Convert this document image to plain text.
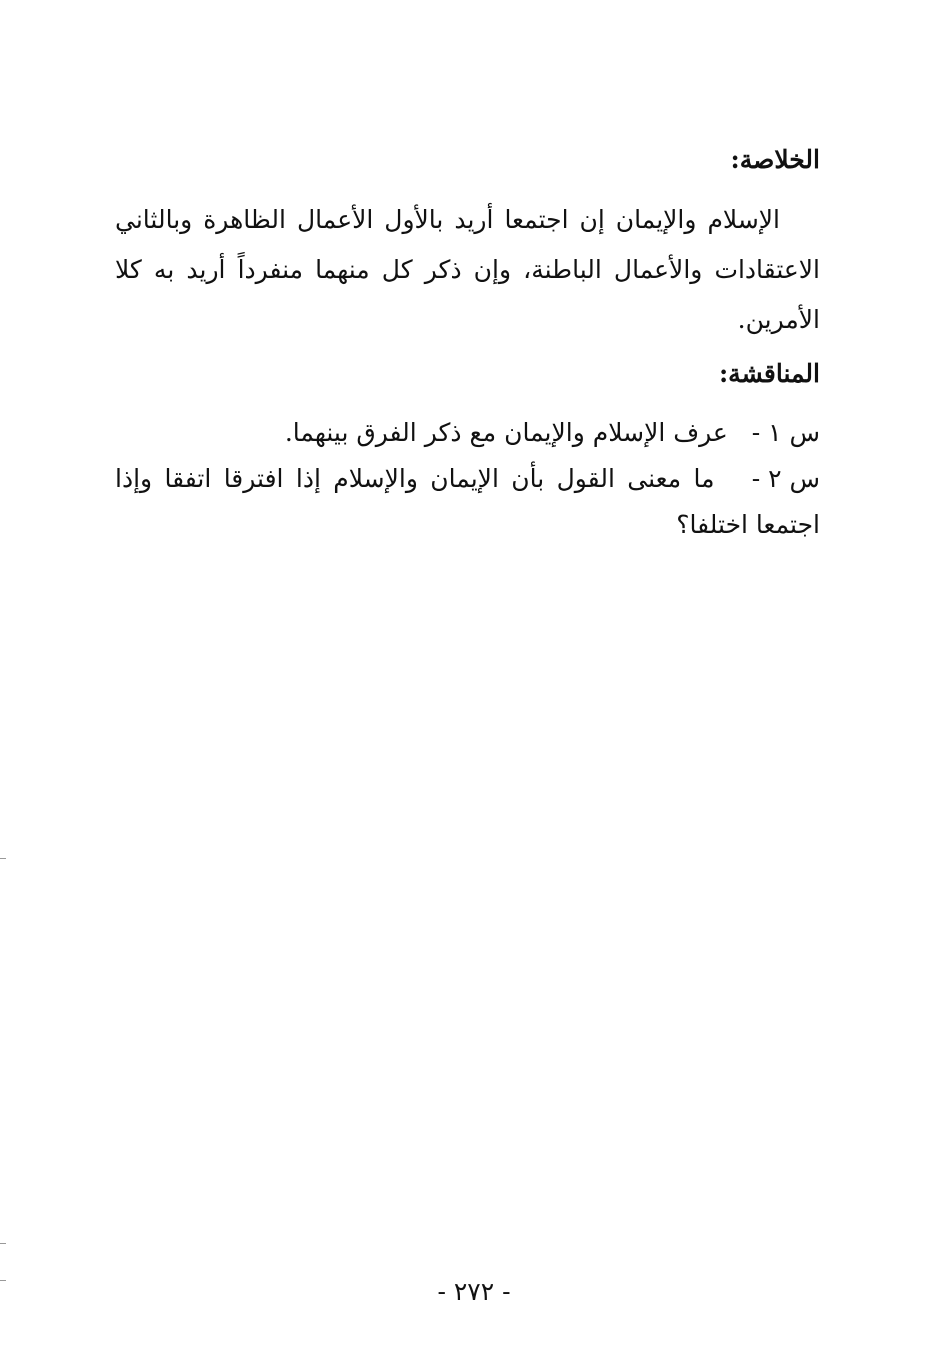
الخلاصة:
الإسلام والإيمان إن اجتمعا أريد بالأول الأعمال الظاهرة وبالثاني الاعتقادات والأعمال الباطنة، وإن ذكر كل منهما منفرداً أريد به كلا الأمرين.
المناقشة:
س ١ -   عرف الإسلام والإيمان مع ذكر الفرق بينهما.
س ٢ -   ما معنى القول بأن الإيمان والإسلام إذا افترقا اتفقا وإذا اجتمعا اختلفا؟
- ٢٧٢ -
